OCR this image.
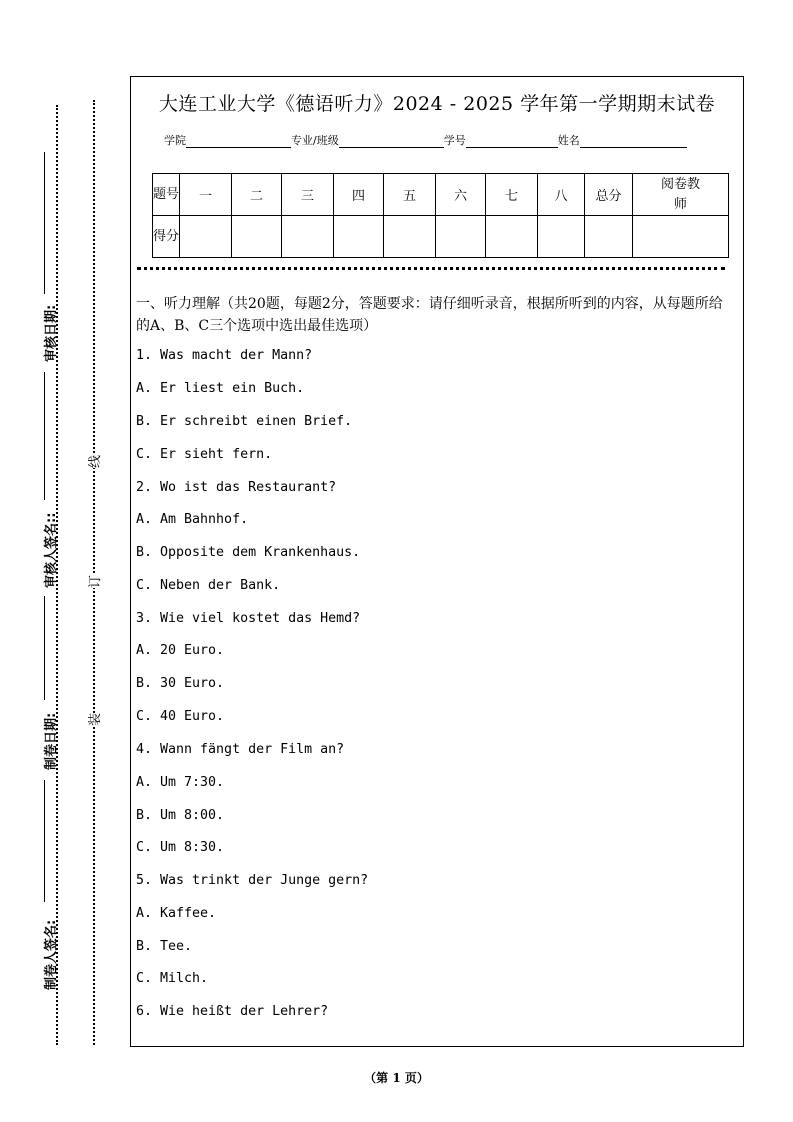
审核日期:
审核人签名::
制卷日期:
制卷人签名:
线
订
装
大连工业大学《德语听力》2024 - 2025 学年第一学期期末试卷
学院	专业/班级	学号	姓名
题号	一	二	三	四	五	六	七	八	总分	阅卷教师
得分										
一、听力理解（共20题，每题2分，答题要求：请仔细听录音，根据所听到的内容，从每题所给的A、B、C三个选项中选出最佳选项）
1. Was macht der Mann?
A. Er liest ein Buch.
B. Er schreibt einen Brief.
C. Er sieht fern.
2. Wo ist das Restaurant?
A. Am Bahnhof.
B. Opposite dem Krankenhaus.
C. Neben der Bank.
3. Wie viel kostet das Hemd?
A. 20 Euro.
B. 30 Euro.
C. 40 Euro.
4. Wann fängt der Film an?
A. Um 7:30.
B. Um 8:00.
C. Um 8:30.
5. Was trinkt der Junge gern?
A. Kaffee.
B. Tee.
C. Milch.
6. Wie heißt der Lehrer?
（第 1 页）
